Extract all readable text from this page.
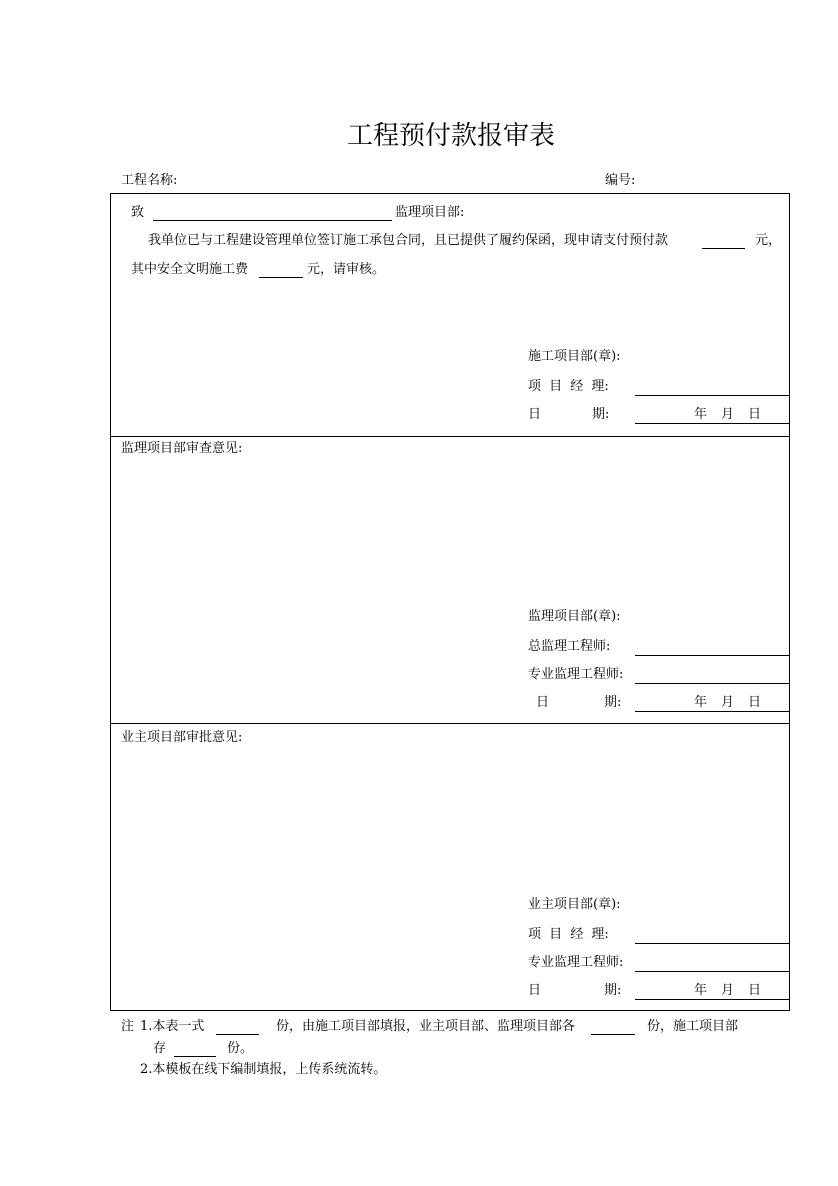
工程预付款报审表
工程名称:	编号:
致	监理项目部:
我单位已与工程建设管理单位签订施工承包合同，且已提供了履约保函，现申请支付预付款	元，
其中安全文明施工费	元，请审核。
施工项目部(章):
项 目 经 理:
日	期:	年 月 日
监理项目部审查意见:
监理项目部(章):
总监理工程师:
专业监理工程师:
日	期:	年 月 日
业主项目部审批意见:
业主项目部(章):
项 目 经 理:
专业监理工程师:
日	期:	年 月 日
注 1.本表一式	份，由施工项目部填报，业主项目部、监理项目部各	份，施工项目部
存	份。
2.本模板在线下编制填报，上传系统流转。
